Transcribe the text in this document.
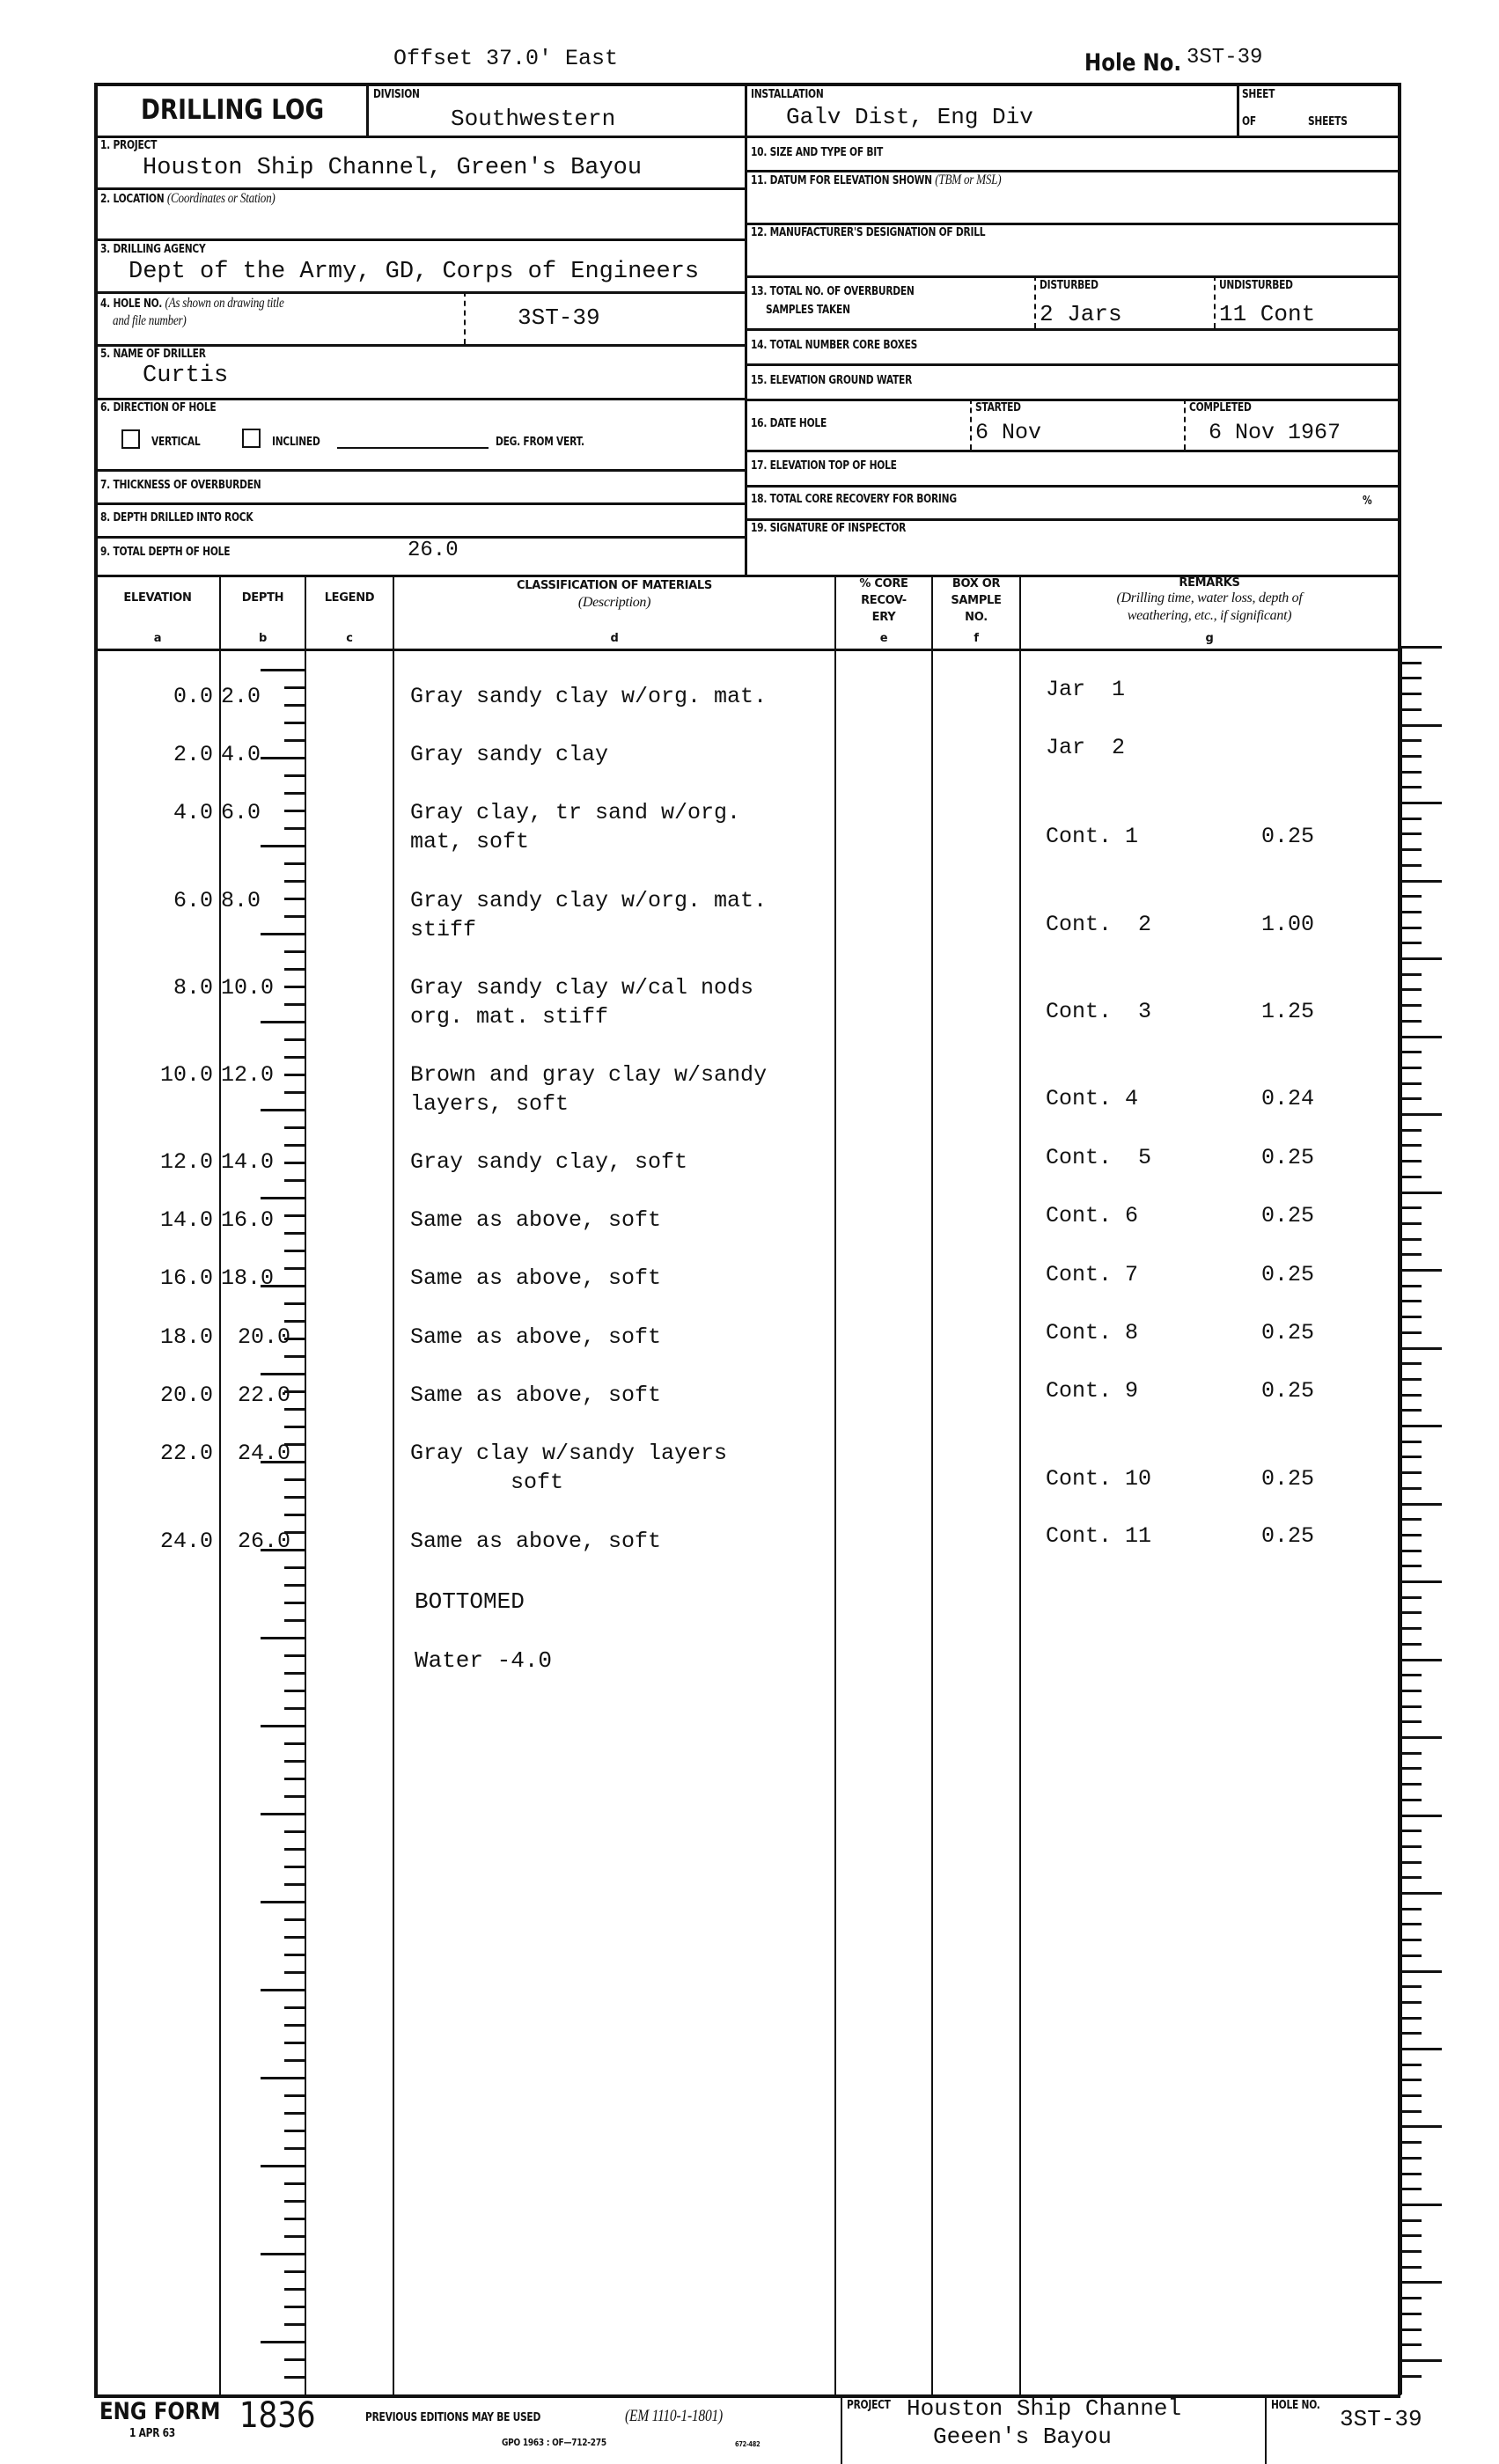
Offset 37.0' East	Hole No. 3ST-39
DRILLING LOG	DIVISION
Southwestern
1. PROJECT
Houston Ship Channel, Green's Bayou
2. LOCATION (Coordinates or Station)
3. DRILLING AGENCY
Dept of the Army, GD, Corps of Engineers
4. HOLE NO. (As shown on drawing title
and file number)	3ST-39
5. NAME OF DRILLER
Curtis
6. DIRECTION OF HOLE
VERTICAL	INCLINED	DEG. FROM VERT.
7. THICKNESS OF OVERBURDEN
8. DEPTH DRILLED INTO ROCK
9. TOTAL DEPTH OF HOLE	26.0
INSTALLATION
Galv Dist, Eng Div
SHEET
OF	SHEETS
10. SIZE AND TYPE OF BIT
11. DATUM FOR ELEVATION SHOWN (TBM or MSL)
12. MANUFACTURER'S DESIGNATION OF DRILL
13. TOTAL NO. OF OVERBURDEN
SAMPLES TAKEN
DISTURBED
2 Jars
UNDISTURBED
11 Cont
14. TOTAL NUMBER CORE BOXES
15. ELEVATION GROUND WATER
16. DATE HOLE
STARTED
6 Nov
COMPLETED
6 Nov 1967
17. ELEVATION TOP OF HOLE
18. TOTAL CORE RECOVERY FOR BORING	%
19. SIGNATURE OF INSPECTOR
ELEVATION
a
DEPTH
b
LEGEND
c
CLASSIFICATION OF MATERIALS
(Description)
d
% CORE
RECOV-
ERY
e
BOX OR
SAMPLE
NO.
f
REMARKS
(Drilling time, water loss, depth of
weathering, etc., if significant)
g
0.0 2.0	Gray sandy clay w/org. mat.	Jar  1
2.0 4.0	Gray sandy clay	Jar  2
4.0 6.0	Gray clay, tr sand w/org.
mat, soft	Cont. 1	0.25
6.0 8.0	Gray sandy clay w/org. mat.
stiff	Cont.  2	1.00
8.0 10.0	Gray sandy clay w/cal nods
org. mat. stiff	Cont.  3	1.25
10.0 12.0	Brown and gray clay w/sandy
layers, soft	Cont. 4	0.24
12.0 14.0	Gray sandy clay, soft	Cont.  5	0.25
14.0 16.0	Same as above, soft	Cont. 6	0.25
16.0 18.0	Same as above, soft	Cont. 7	0.25
18.0 20.0	Same as above, soft	Cont. 8	0.25
20.0 22.0	Same as above, soft	Cont. 9	0.25
22.0 24.0	Gray clay w/sandy layers
soft	Cont. 10	0.25
24.0 26.0	Same as above, soft	Cont. 11	0.25
BOTTOMED
Water -4.0
ENG FORM
1 APR 63 1836	PREVIOUS EDITIONS MAY BE USED	(EM 1110-1-1801)
GPO 1963 : OF—712-275	672-482
PROJECT Houston Ship Channel
Geeen's Bayou
HOLE NO.
3ST-39
